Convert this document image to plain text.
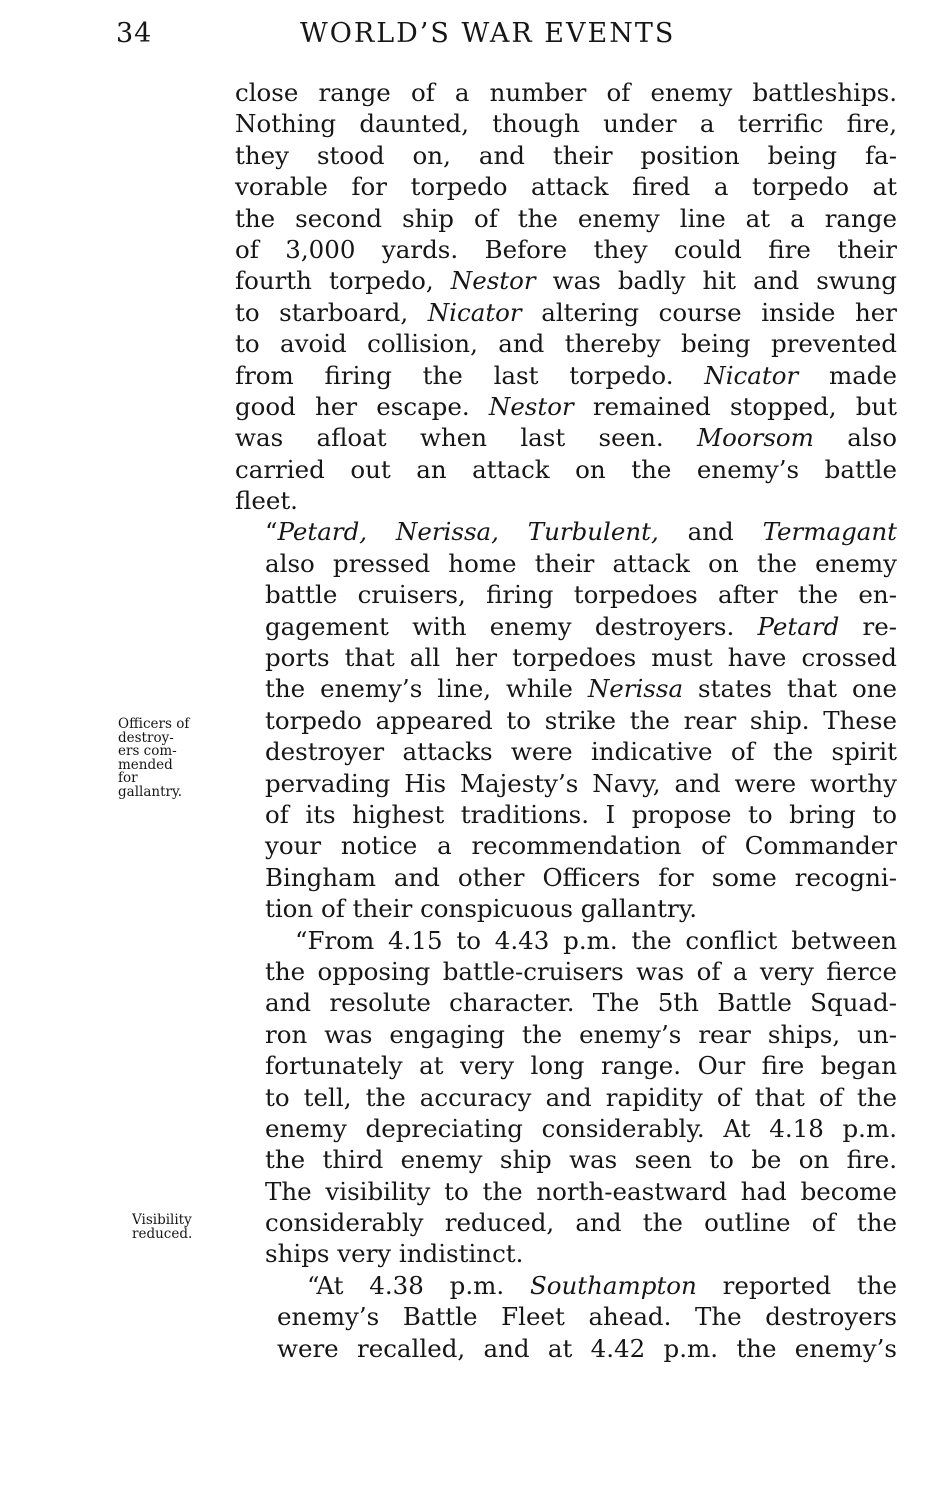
34	WORLD’S WAR EVENTS
Officers of
destroy-
ers com-
mended
for
gallantry.
Visibility
reduced.
close range of a number of enemy battleships.
Nothing daunted, though under a terrific fire,
they stood on, and their position being fa-
vorable for torpedo attack fired a torpedo at
the second ship of the enemy line at a range
of 3,000 yards. Before they could fire their
fourth torpedo, Nestor was badly hit and swung
to starboard, Nicator altering course inside her
to avoid collision, and thereby being prevented
from firing the last torpedo. Nicator made
good her escape. Nestor remained stopped, but
was afloat when last seen. Moorsom also
carried out an attack on the enemy’s battle
fleet.
“Petard, Nerissa, Turbulent, and Termagant
also pressed home their attack on the enemy
battle cruisers, firing torpedoes after the en-
gagement with enemy destroyers. Petard re-
ports that all her torpedoes must have crossed
the enemy’s line, while Nerissa states that one
torpedo appeared to strike the rear ship. These
destroyer attacks were indicative of the spirit
pervading His Majesty’s Navy, and were worthy
of its highest traditions. I propose to bring to
your notice a recommendation of Commander
Bingham and other Officers for some recogni-
tion of their conspicuous gallantry.
“From 4.15 to 4.43 p.m. the conflict between
the opposing battle-cruisers was of a very fierce
and resolute character. The 5th Battle Squad-
ron was engaging the enemy’s rear ships, un-
fortunately at very long range. Our fire began
to tell, the accuracy and rapidity of that of the
enemy depreciating considerably. At 4.18 p.m.
the third enemy ship was seen to be on fire.
The visibility to the north-eastward had become
considerably reduced, and the outline of the
ships very indistinct.
“At 4.38 p.m. Southampton reported the
enemy’s Battle Fleet ahead. The destroyers
were recalled, and at 4.42 p.m. the enemy’s
